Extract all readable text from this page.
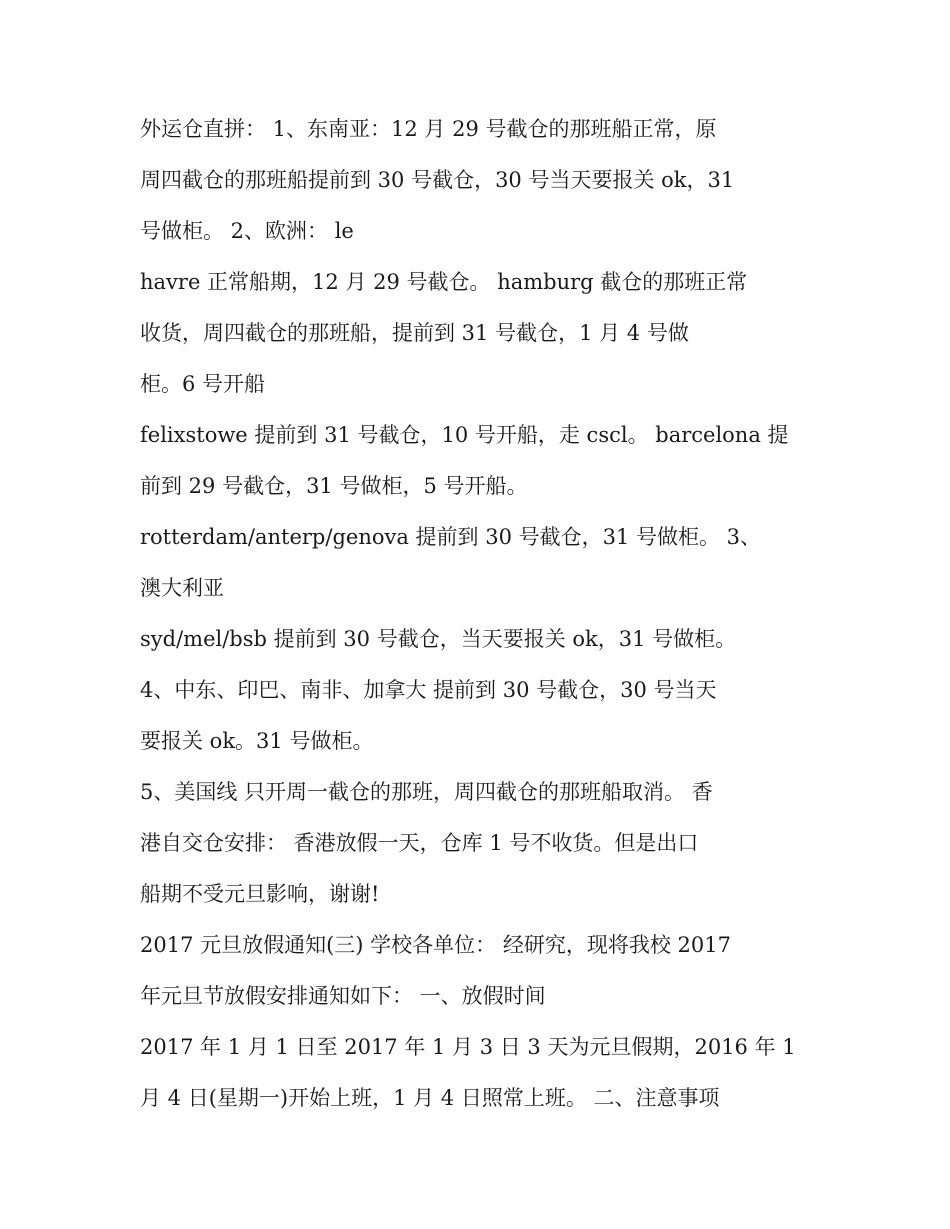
外运仓直拼： 1、东南亚：12 月 29 号截仓的那班船正常，原
周四截仓的那班船提前到 30 号截仓，30 号当天要报关 ok，31
号做柜。 2、欧洲： le
havre 正常船期，12 月 29 号截仓。 hamburg 截仓的那班正常
收货，周四截仓的那班船，提前到 31 号截仓，1 月 4 号做
柜。6 号开船
felixstowe 提前到 31 号截仓，10 号开船，走 cscl。 barcelona 提
前到 29 号截仓，31 号做柜，5 号开船。
rotterdam/anterp/genova 提前到 30 号截仓，31 号做柜。 3、
澳大利亚
syd/mel/bsb 提前到 30 号截仓，当天要报关 ok，31 号做柜。
4、中东、印巴、南非、加拿大 提前到 30 号截仓，30 号当天
要报关 ok。31 号做柜。
5、美国线 只开周一截仓的那班，周四截仓的那班船取消。 香
港自交仓安排： 香港放假一天，仓库 1 号不收货。但是出口
船期不受元旦影响，谢谢!
2017 元旦放假通知(三) 学校各单位： 经研究，现将我校 2017
年元旦节放假安排通知如下： 一、放假时间
2017 年 1 月 1 日至 2017 年 1 月 3 日 3 天为元旦假期，2016 年 1
月 4 日(星期一)开始上班，1 月 4 日照常上班。 二、注意事项
